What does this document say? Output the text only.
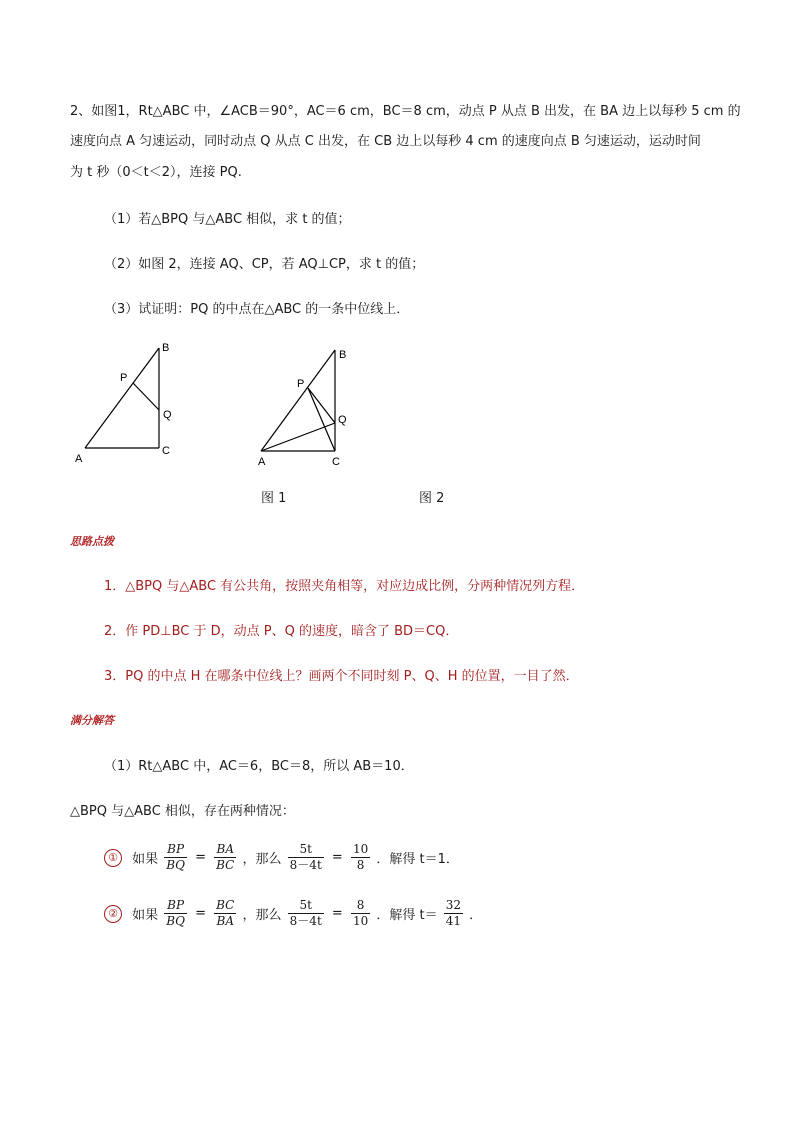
2、如图1，Rt△ABC 中，∠ACB＝90°，AC＝6 cm，BC＝8 cm，动点 P 从点 B 出发，在 BA 边上以每秒 5 cm 的
速度向点 A 匀速运动，同时动点 Q 从点 C 出发，在 CB 边上以每秒 4 cm 的速度向点 B 匀速运动，运动时间
为 t 秒（0＜t＜2），连接 PQ.
（1）若△BPQ 与△ABC 相似，求 t 的值；
（2）如图 2，连接 AQ、CP，若 AQ⊥CP，求 t 的值；
（3）试证明：PQ 的中点在△ABC 的一条中位线上．
A
B
C
P
Q
A
B
C
P
Q
图 1	图 2
思路点拨
1．△BPQ 与△ABC 有公共角，按照夹角相等，对应边成比例，分两种情况列方程．
2．作 PD⊥BC 于 D，动点 P、Q 的速度，暗含了 BD＝CQ．
3．PQ 的中点 H 在哪条中位线上？画两个不同时刻 P、Q、H 的位置，一目了然．
满分解答
（1）Rt△ABC 中，AC＝6，BC＝8，所以 AB＝10．
△BPQ 与△ABC 相似，存在两种情况：
① 如果 $\frac{BP}{BQ} = \frac{BA}{BC}$ ，那么 $\frac{5t}{8-4t} = \frac{10}{8}$ ．解得 t＝1．
② 如果 $\frac{BP}{BQ} = \frac{BC}{BA}$ ，那么 $\frac{5t}{8-4t} = \frac{8}{10}$ ．解得 $t= \frac{32}{41}$ ．
